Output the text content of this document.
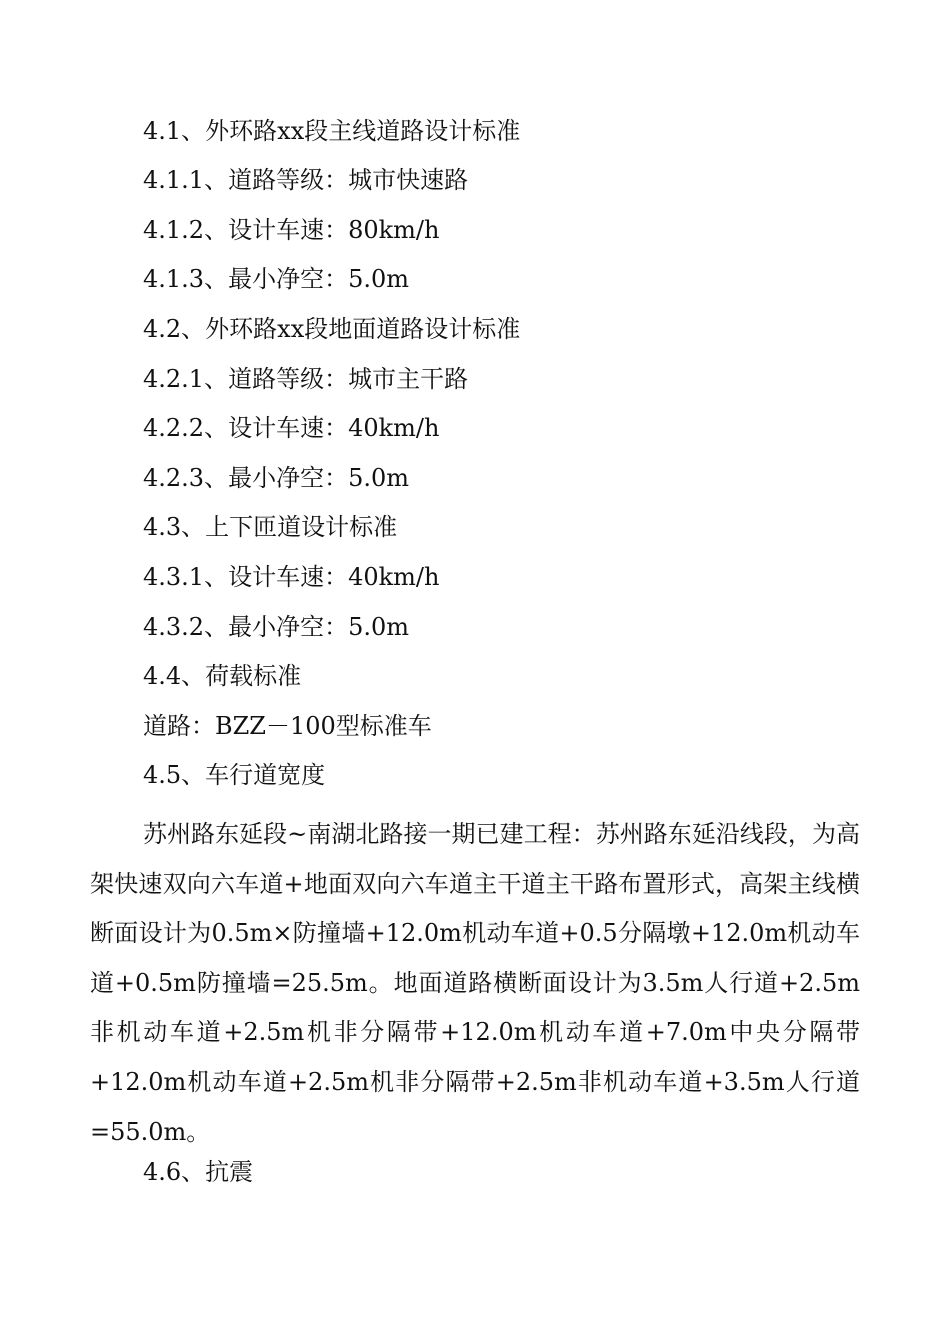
4.1、外环路xx段主线道路设计标准
4.1.1、道路等级：城市快速路
4.1.2、设计车速：80km/h
4.1.3、最小净空：5.0m
4.2、外环路xx段地面道路设计标准
4.2.1、道路等级：城市主干路
4.2.2、设计车速：40km/h
4.2.3、最小净空：5.0m
4.3、上下匝道设计标准
4.3.1、设计车速：40km/h
4.3.2、最小净空：5.0m
4.4、荷载标准
道路：BZZ－100型标准车
4.5、车行道宽度

苏州路东延段~南湖北路接一期已建工程：苏州路东延沿线段，为高架快速双向六车道+地面双向六车道主干道主干路布置形式，高架主线横断面设计为0.5m×防撞墙+12.0m机动车道+0.5分隔墩+12.0m机动车道+0.5m防撞墙=25.5m。地面道路横断面设计为3.5m人行道+2.5m非机动车道+2.5m机非分隔带+12.0m机动车道+7.0m中央分隔带+12.0m机动车道+2.5m机非分隔带+2.5m非机动车道+3.5m人行道=55.0m。

4.6、抗震
